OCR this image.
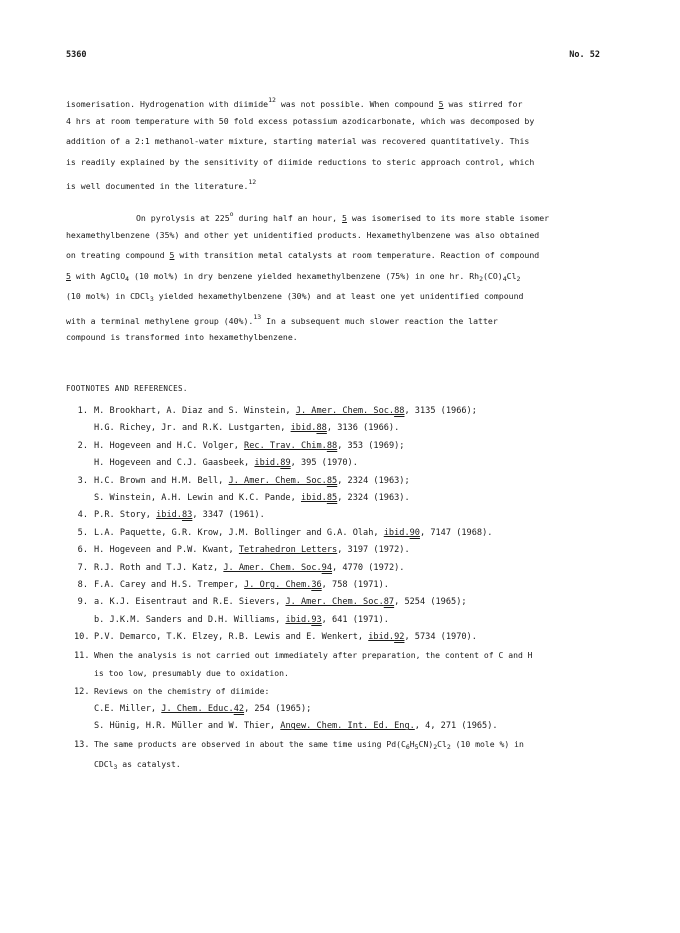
5360	No. 52
isomerisation. Hydrogenation with diimide$^{12}$ was not possible. When compound 5 was stirred for
4 hrs at room temperature with 50 fold excess potassium azodicarbonate, which was decomposed by
addition of a 2:1 methanol-water mixture, starting material was recovered quantitatively. This
is readily explained by the sensitivity of diimide reductions to steric approach control, which
is well documented in the literature.$^{12}$
On pyrolysis at 225$^o$ during half an hour, 5 was isomerised to its more stable isomer
hexamethylbenzene (35%) and other yet unidentified products. Hexamethylbenzene was also obtained
on treating compound 5 with transition metal catalysts at room temperature. Reaction of compound
5 with AgClO$_4$ (10 mol%) in dry benzene yielded hexamethylbenzene (75%) in one hr. $Rh_2(CO)_4Cl_2$
(10 mol%) in CDCl$_3$ yielded hexamethylbenzene (30%) and at least one yet unidentified compound
with a terminal methylene group (40%).$^{13}$ In a subsequent much slower reaction the latter
compound is transformed into hexamethylbenzene.
FOOTNOTES AND REFERENCES.
1. M. Brookhart, A. Diaz and S. Winstein, J. Amer. Chem. Soc.88, 3135 (1966);
H.G. Richey, Jr. and R.K. Lustgarten, ibid.88, 3136 (1966).
2. H. Hogeveen and H.C. Volger, Rec. Trav. Chim.88, 353 (1969);
H. Hogeveen and C.J. Gaasbeek, ibid.89, 395 (1970).
3. H.C. Brown and H.M. Bell, J. Amer. Chem. Soc.85, 2324 (1963);
S. Winstein, A.H. Lewin and K.C. Pande, ibid.85, 2324 (1963).
4. P.R. Story, ibid.83, 3347 (1961).
5. L.A. Paquette, G.R. Krow, J.M. Bollinger and G.A. Olah, ibid.90, 7147 (1968).
6. H. Hogeveen and P.W. Kwant, Tetrahedron Letters, 3197 (1972).
7. R.J. Roth and T.J. Katz, J. Amer. Chem. Soc.94, 4770 (1972).
8. F.A. Carey and H.S. Tremper, J. Org. Chem.36, 758 (1971).
9. a. K.J. Eisentraut and R.E. Sievers, J. Amer. Chem. Soc.87, 5254 (1965);
b. J.K.M. Sanders and D.H. Williams, ibid.93, 641 (1971).
10. P.V. Demarco, T.K. Elzey, R.B. Lewis and E. Wenkert, ibid.92, 5734 (1970).
11. When the analysis is not carried out immediately after preparation, the content of C and H
is too low, presumably due to oxidation.
12. Reviews on the chemistry of diimide:
C.E. Miller, J. Chem. Educ.42, 254 (1965);
S. Hünig, H.R. Müller and W. Thier, Angew. Chem. Int. Ed. Eng., 4, 271 (1965).
13. The same products are observed in about the same time using $Pd(C_6H_5CN)_2Cl_2$ (10 mole %) in
CDCl$_3$ as catalyst.
